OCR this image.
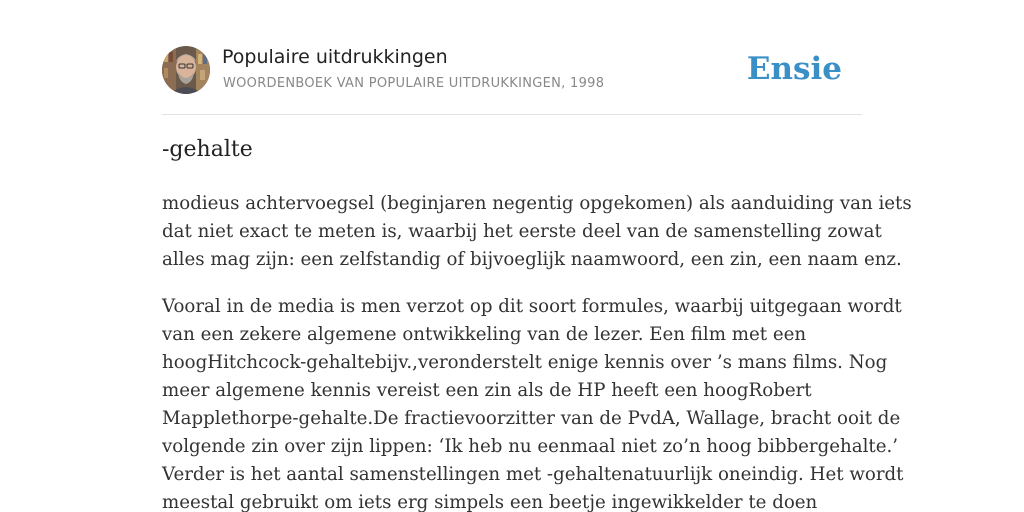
Populaire uitdrukkingen
WOORDENBOEK VAN POPULAIRE UITDRUKKINGEN, 1998	Ensie
-gehalte

modieus achtervoegsel (beginjaren negentig opgekomen) als aanduiding van iets
dat niet exact te meten is, waarbij het eerste deel van de samenstelling zowat
alles mag zijn: een zelfstandig of bijvoeglijk naamwoord, een zin, een naam enz.

Vooral in de media is men verzot op dit soort formules, waarbij uitgegaan wordt
van een zekere algemene ontwikkeling van de lezer. Een film met een
hoogHitchcock-gehaltebijv.,veronderstelt enige kennis over ’s mans films. Nog
meer algemene kennis vereist een zin als de HP heeft een hoogRobert
Mapplethorpe-gehalte.De fractievoorzitter van de PvdA, Wallage, bracht ooit de
volgende zin over zijn lippen: ‘Ik heb nu eenmaal niet zo’n hoog bibbergehalte.’
Verder is het aantal samenstellingen met -gehaltenatuurlijk oneindig. Het wordt
meestal gebruikt om iets erg simpels een beetje ingewikkelder te doen
